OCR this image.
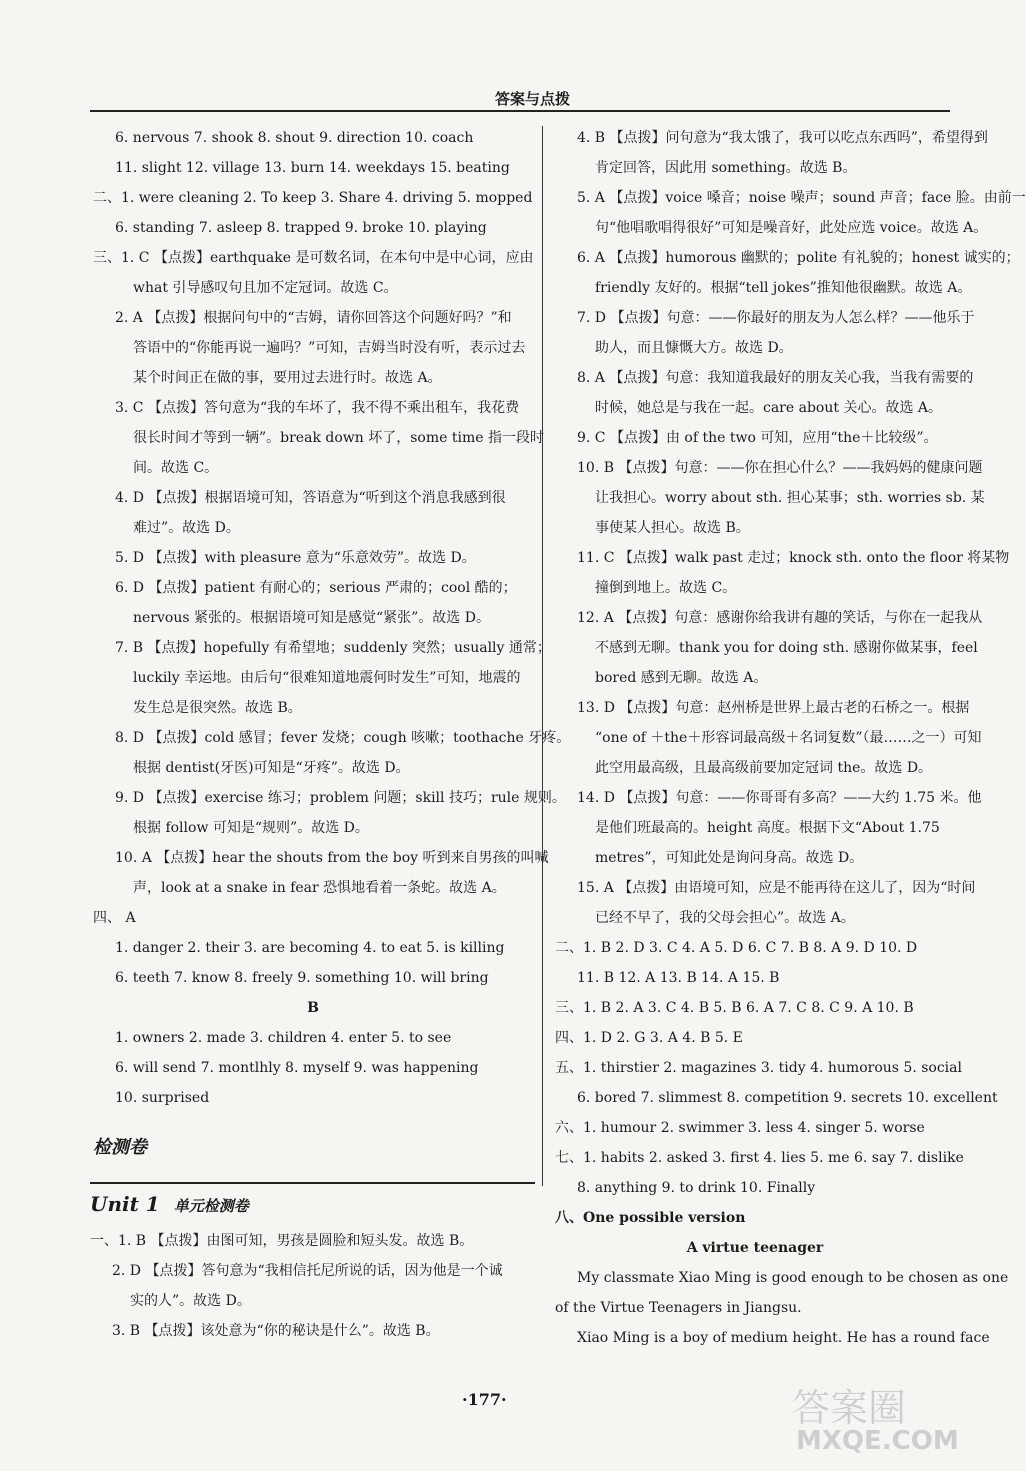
答案与点拨
6. nervous 7. shook 8. shout 9. direction 10. coach
11. slight 12. village 13. burn 14. weekdays 15. beating
二、1. were cleaning 2. To keep 3. Share 4. driving 5. mopped
6. standing 7. asleep 8. trapped 9. broke 10. playing
三、1. C 【点拨】earthquake 是可数名词，在本句中是中心词，应由
what 引导感叹句且加不定冠词。故选 C。
2. A 【点拨】根据问句中的“吉姆，请你回答这个问题好吗？”和
答语中的“你能再说一遍吗？”可知，吉姆当时没有听，表示过去
某个时间正在做的事，要用过去进行时。故选 A。
3. C 【点拨】答句意为“我的车坏了，我不得不乘出租车，我花费
很长时间才等到一辆”。break down 坏了，some time 指一段时
间。故选 C。
4. D 【点拨】根据语境可知，答语意为“听到这个消息我感到很
难过”。故选 D。
5. D 【点拨】with pleasure 意为“乐意效劳”。故选 D。
6. D 【点拨】patient 有耐心的；serious 严肃的；cool 酷的；
nervous 紧张的。根据语境可知是感觉“紧张”。故选 D。
7. B 【点拨】hopefully 有希望地；suddenly 突然；usually 通常；
luckily 幸运地。由后句“很难知道地震何时发生”可知，地震的
发生总是很突然。故选 B。
8. D 【点拨】cold 感冒；fever 发烧；cough 咳嗽；toothache 牙疼。
根据 dentist(牙医)可知是“牙疼”。故选 D。
9. D 【点拨】exercise 练习；problem 问题；skill 技巧；rule 规则。
根据 follow 可知是“规则”。故选 D。
10. A 【点拨】hear the shouts from the boy 听到来自男孩的叫喊
声，look at a snake in fear 恐惧地看着一条蛇。故选 A。
四、 A
1. danger 2. their 3. are becoming 4. to eat 5. is killing
6. teeth 7. know 8. freely 9. something 10. will bring
B
1. owners 2. made 3. children 4. enter 5. to see
6. will send 7. montlhly 8. myself 9. was happening
10. surprised
检测卷
4. B 【点拨】问句意为“我太饿了，我可以吃点东西吗”，希望得到
肯定回答，因此用 something。故选 B。
5. A 【点拨】voice 嗓音；noise 噪声；sound 声音；face 脸。由前一
句“他唱歌唱得很好”可知是噪音好，此处应选 voice。故选 A。
6. A 【点拨】humorous 幽默的；polite 有礼貌的；honest 诚实的；
friendly 友好的。根据“tell jokes”推知他很幽默。故选 A。
7. D 【点拨】句意：——你最好的朋友为人怎么样？——他乐于
助人，而且慷慨大方。故选 D。
8. A 【点拨】句意：我知道我最好的朋友关心我，当我有需要的
时候，她总是与我在一起。care about 关心。故选 A。
9. C 【点拨】由 of the two 可知，应用“the＋比较级”。
10. B 【点拨】句意：——你在担心什么？——我妈妈的健康问题
让我担心。worry about sth. 担心某事；sth. worries sb. 某
事使某人担心。故选 B。
11. C 【点拨】walk past 走过；knock sth. onto the floor 将某物
撞倒到地上。故选 C。
12. A 【点拨】句意：感谢你给我讲有趣的笑话，与你在一起我从
不感到无聊。thank you for doing sth. 感谢你做某事，feel
bored 感到无聊。故选 A。
13. D 【点拨】句意：赵州桥是世界上最古老的石桥之一。根据
“one of ＋the＋形容词最高级＋名词复数”（最……之一）可知
此空用最高级，且最高级前要加定冠词 the。故选 D。
14. D 【点拨】句意：——你哥哥有多高？——大约 1.75 米。他
是他们班最高的。height 高度。根据下文“About 1.75
metres”，可知此处是询问身高。故选 D。
15. A 【点拨】由语境可知，应是不能再待在这儿了，因为“时间
已经不早了，我的父母会担心”。故选 A。
二、1. B 2. D 3. C 4. A 5. D 6. C 7. B 8. A 9. D 10. D
11. B 12. A 13. B 14. A 15. B
三、1. B 2. A 3. C 4. B 5. B 6. A 7. C 8. C 9. A 10. B
四、1. D 2. G 3. A 4. B 5. E
五、1. thirstier 2. magazines 3. tidy 4. humorous 5. social
6. bored 7. slimmest 8. competition 9. secrets 10. excellent
六、1. humour 2. swimmer 3. less 4. singer 5. worse
七、1. habits 2. asked 3. first 4. lies 5. me 6. say 7. dislike
8. anything 9. to drink 10. Finally
八、One possible version
A virtue teenager
My classmate Xiao Ming is good enough to be chosen as one
of the Virtue Teenagers in Jiangsu.
Xiao Ming is a boy of medium height. He has a round face
·177·	答案圈
MXQE.COM
Unit 1 单元检测卷
一、1. B 【点拨】由图可知，男孩是圆脸和短头发。故选 B。
2. D 【点拨】答句意为“我相信托尼所说的话，因为他是一个诚
实的人”。故选 D。
3. B 【点拨】该处意为“你的秘诀是什么”。故选 B。
